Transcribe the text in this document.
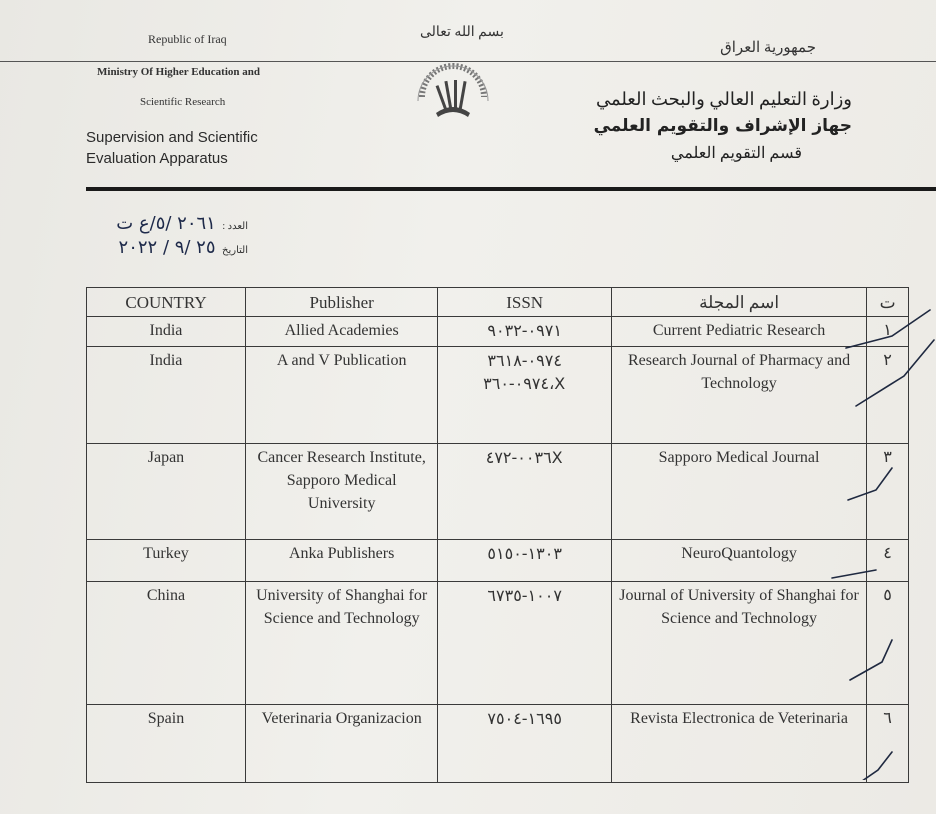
Republic of Iraq	بسم الله تعالى
جمهورية العراق
Ministry Of Higher Education and
Scientific Research
Supervision and Scientific
Evaluation Apparatus
وزارة التعليم العالي والبحث العلمي
جهاز الإشراف والتقويم العلمي
قسم التقويم العلمي
العدد : ت ع/٥/ ٢٠٦١
التاريخ ٢٠٢٢ / ٩/ ٢٥
COUNTRY	Publisher	ISSN	اسم المجلة	ت
India	Allied Academies	٠٩٧١-٩٠٣٢	Current Pediatric Research	١
India	A and V Publication	٠٩٧٤-٣٦١٨ ،٠٩٧٤-٣٦٠X	Research Journal of Pharmacy and Technology	٢
Japan	Cancer Research Institute, Sapporo Medical University	٠٠٣٦-٤٧٢X	Sapporo Medical Journal	٣
Turkey	Anka Publishers	١٣٠٣-٥١٥٠	NeuroQuantology	٤
China	University of Shanghai for Science and Technology	١٠٠٧-٦٧٣٥	Journal of University of Shanghai for Science and Technology	٥
Spain	Veterinaria Organizacion	١٦٩٥-٧٥٠٤	Revista Electronica de Veterinaria	٦
